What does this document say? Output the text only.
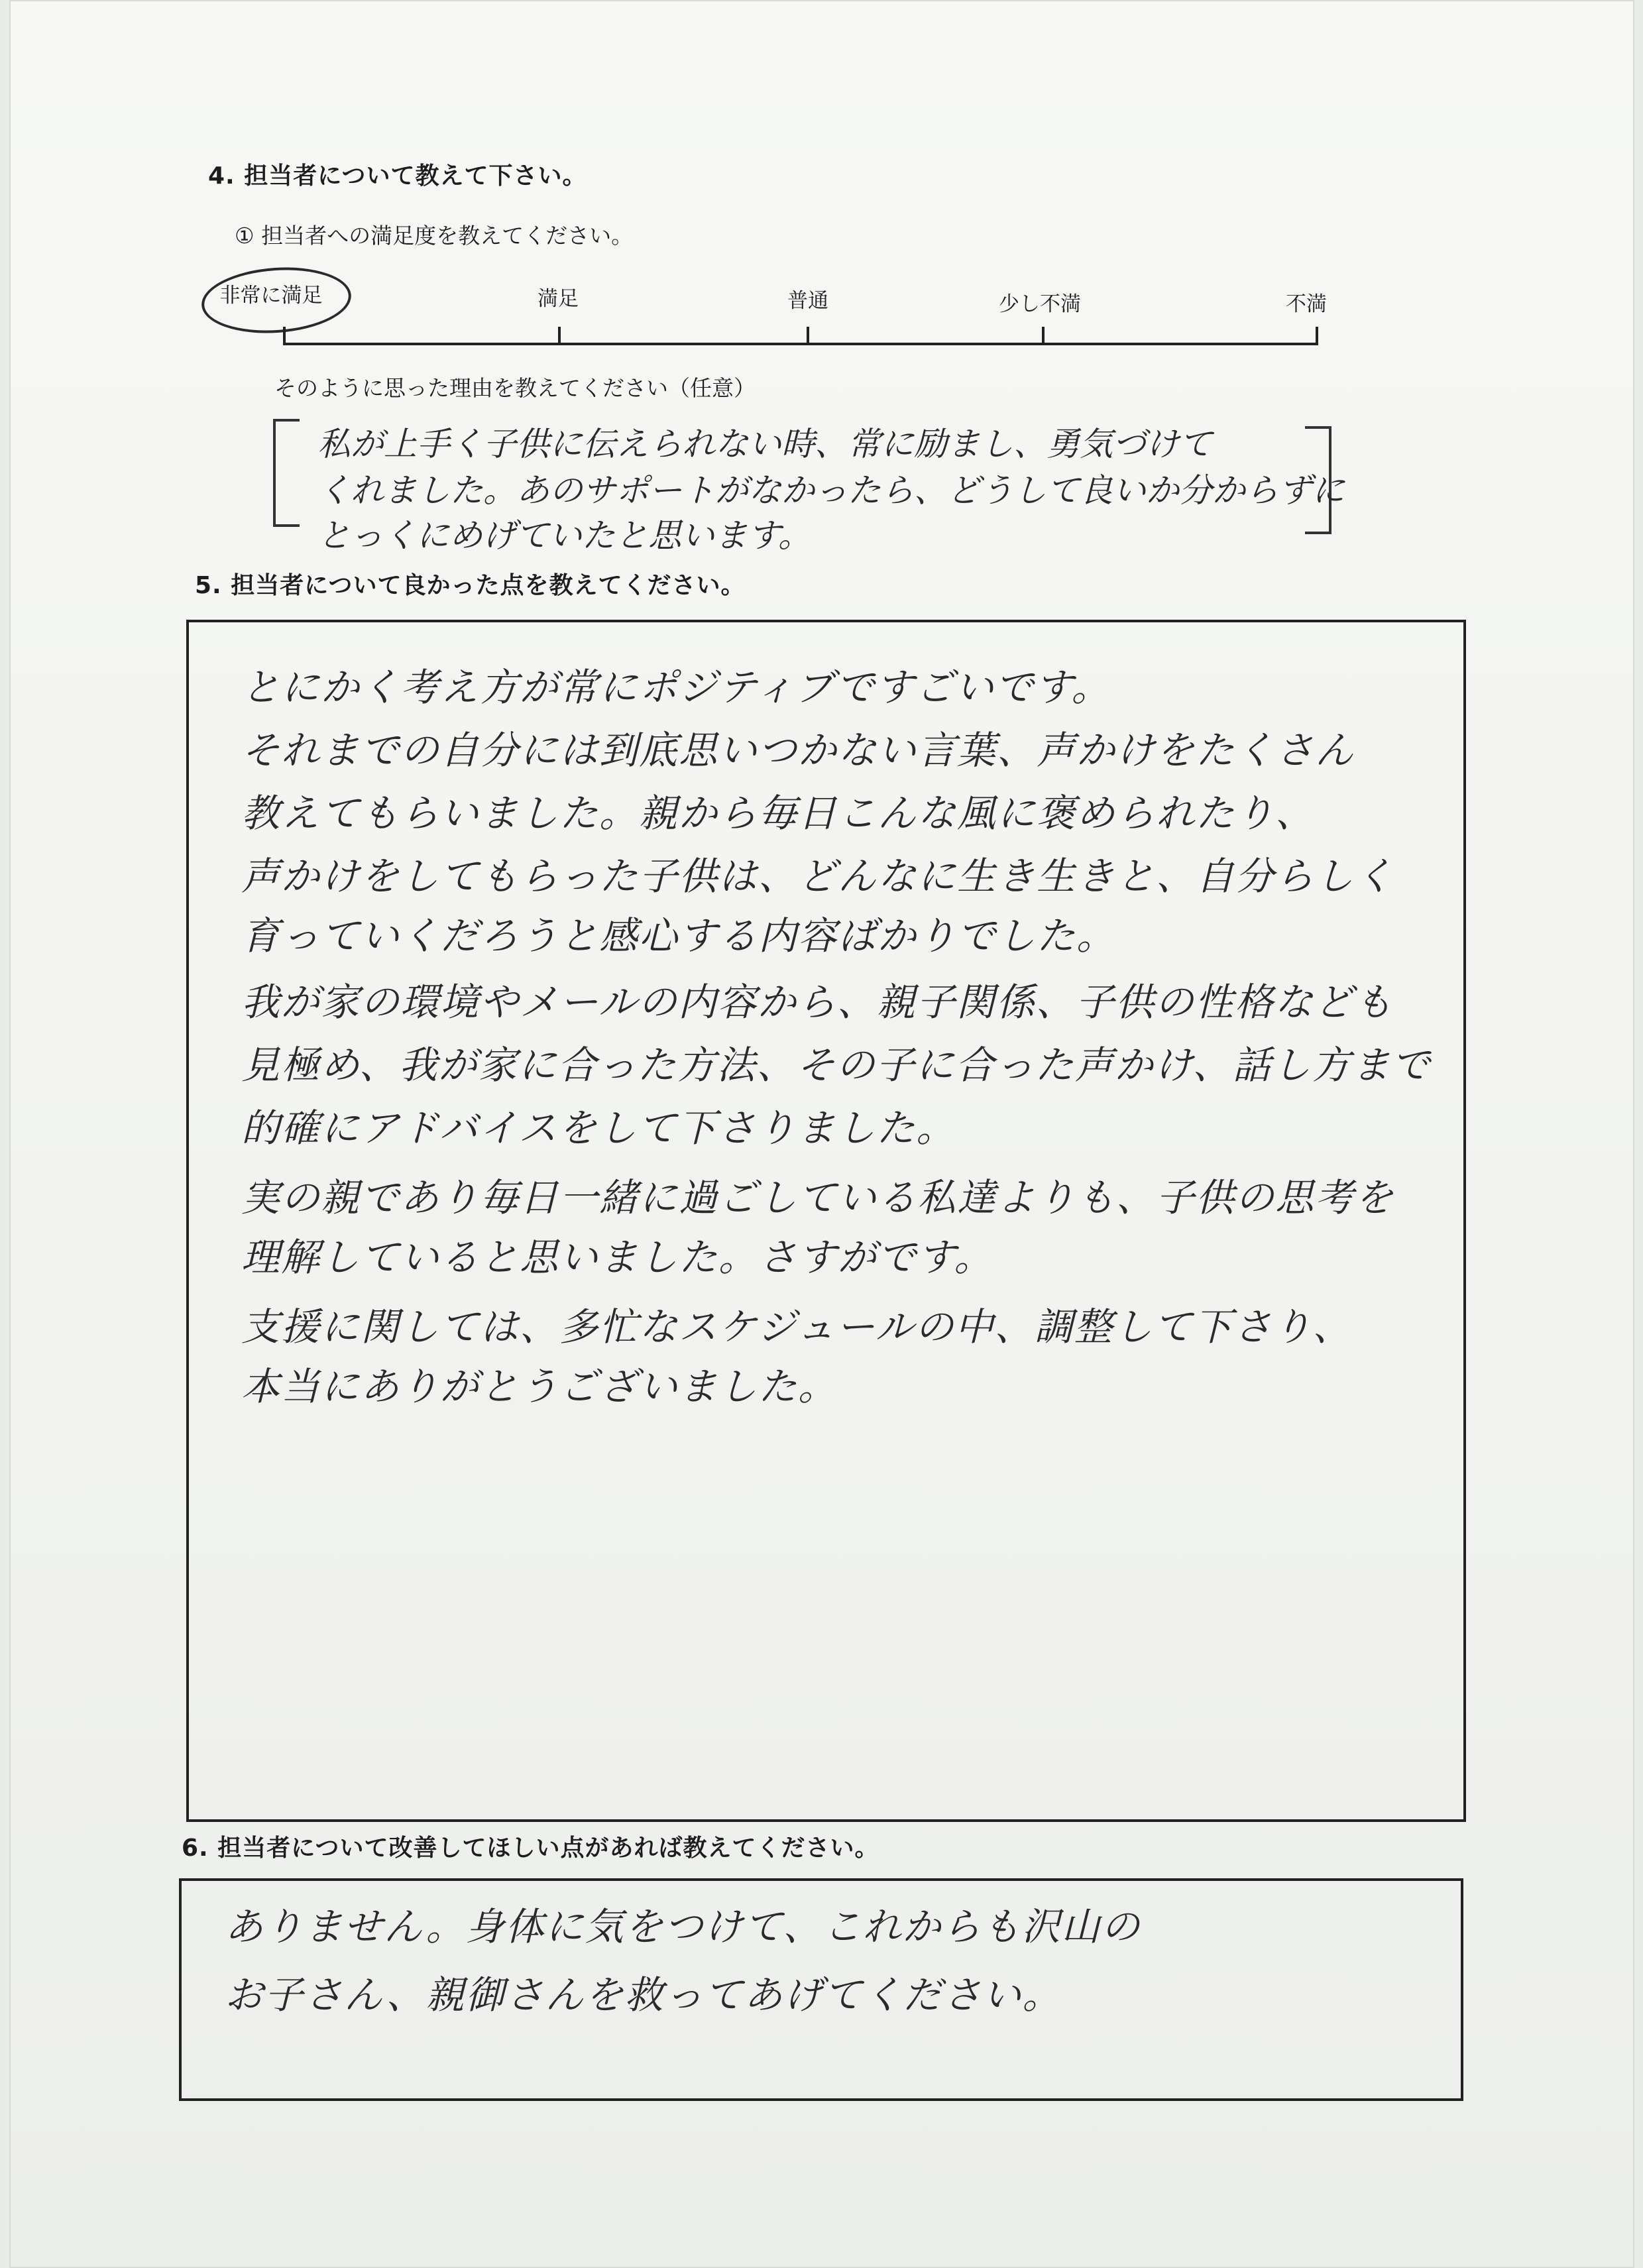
4. 担当者について教えて下さい。
① 担当者への満足度を教えてください。
非常に満足	満足	普通	少し不満	不満
そのように思った理由を教えてください（任意）
私が上手く子供に伝えられない時、常に励まし、勇気づけて
くれました。あのサポートがなかったら、どうして良いか分からずに
とっくにめげていたと思います。
5. 担当者について良かった点を教えてください。
とにかく考え方が常にポジティブですごいです。
それまでの自分には到底思いつかない言葉、声かけをたくさん
教えてもらいました。親から毎日こんな風に褒められたり、
声かけをしてもらった子供は、どんなに生き生きと、自分らしく
育っていくだろうと感心する内容ばかりでした。
我が家の環境やメールの内容から、親子関係、子供の性格なども
見極め、我が家に合った方法、その子に合った声かけ、話し方まで
的確にアドバイスをして下さりました。
実の親であり毎日一緒に過ごしている私達よりも、子供の思考を
理解していると思いました。さすがです。
支援に関しては、多忙なスケジュールの中、調整して下さり、
本当にありがとうございました。
6. 担当者について改善してほしい点があれば教えてください。
ありません。身体に気をつけて、これからも沢山の
お子さん、親御さんを救ってあげてください。
